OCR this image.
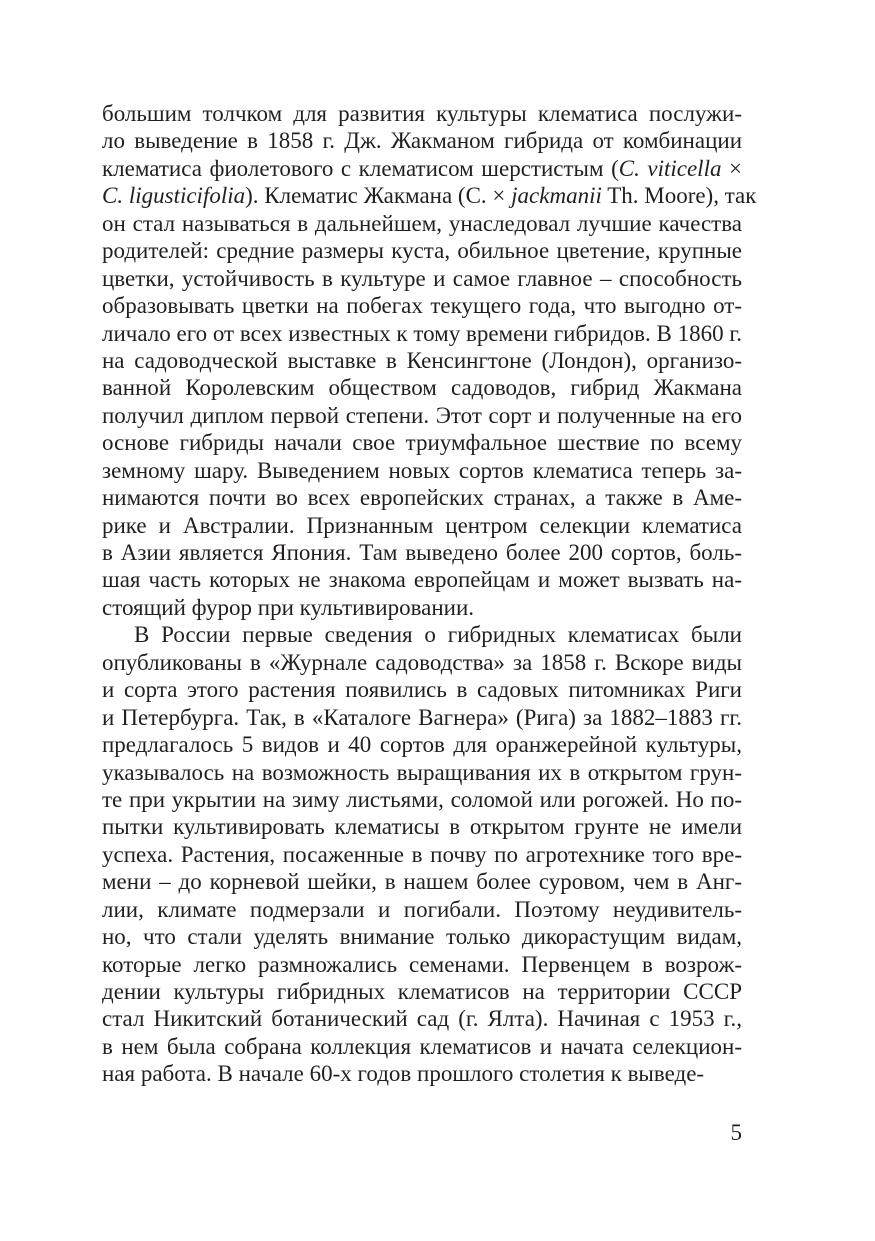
большим толчком для развития культуры клематиса послужи-
ло выведение в 1858 г. Дж. Жакманом гибрида от комбинации
клематиса фиолетового с клематисом шерстистым (C. viticella ×
C. ligusticifolia). Клематис Жакмана (C. × jackmanii Th. Moore), так
он стал называться в дальнейшем, унаследовал лучшие качества
родителей: средние размеры куста, обильное цветение, крупные
цветки, устойчивость в культуре и самое главное – способность
образовывать цветки на побегах текущего года, что выгодно от-
личало его от всех известных к тому времени гибридов. В 1860 г.
на садоводческой выставке в Кенсингтоне (Лондон), организо-
ванной Королевским обществом садоводов, гибрид Жакмана
получил диплом первой степени. Этот сорт и полученные на его
основе гибриды начали свое триумфальное шествие по всему
земному шару. Выведением новых сортов клематиса теперь за-
нимаются почти во всех европейских странах, а также в Аме-
рике и Австралии. Признанным центром селекции клематиса
в Азии является Япония. Там выведено более 200 сортов, боль-
шая часть которых не знакома европейцам и может вызвать на-
стоящий фурор при культивировании.
В России первые сведения о гибридных клематисах были
опубликованы в «Журнале садоводства» за 1858 г. Вскоре виды
и сорта этого растения появились в садовых питомниках Риги
и Петербурга. Так, в «Каталоге Вагнера» (Рига) за 1882–1883 гг.
предлагалось 5 видов и 40 сортов для оранжерейной культуры,
указывалось на возможность выращивания их в открытом грун-
те при укрытии на зиму листьями, соломой или рогожей. Но по-
пытки культивировать клематисы в открытом грунте не имели
успеха. Растения, посаженные в почву по агротехнике того вре-
мени – до корневой шейки, в нашем более суровом, чем в Анг-
лии, климате подмерзали и погибали. Поэтому неудивитель-
но, что стали уделять внимание только дикорастущим видам,
которые легко размножались семенами. Первенцем в возрож-
дении культуры гибридных клематисов на территории СССР
стал Никитский ботанический сад (г. Ялта). Начиная с 1953 г.,
в нем была собрана коллекция клематисов и начата селекцион-
ная работа. В начале 60-х годов прошлого столетия к выведе-
5
